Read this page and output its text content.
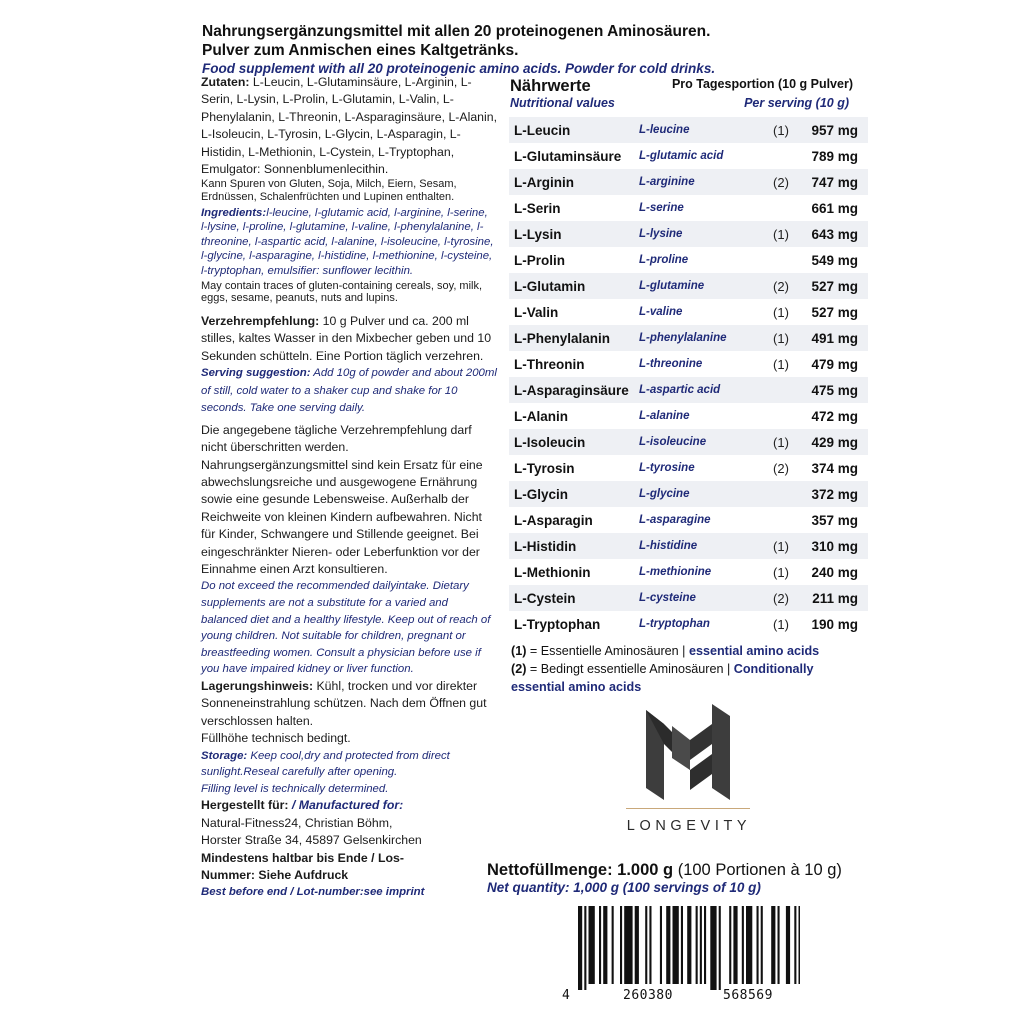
Nahrungsergänzungsmittel mit allen 20 proteinogenen Aminosäuren.
Pulver zum Anmischen eines Kaltgetränks.
Food supplement with all 20 proteinogenic amino acids. Powder for cold drinks.

Zutaten: L-Leucin, L-Glutaminsäure, L-Arginin, L-Serin, L-Lysin, L-Prolin, L-Glutamin, L-Valin, L-Phenylalanin, L-Threonin, L-Asparaginsäure, L-Alanin, L-Isoleucin, L-Tyrosin, L-Glycin, L-Asparagin, L-Histidin, L-Methionin, L-Cystein, L-Tryptophan, Emulgator: Sonnenblumenlecithin.

Kann Spuren von Gluten, Soja, Milch, Eiern, Sesam, Erdnüssen, Schalenfrüchten und Lupinen enthalten.

Ingredients:l-leucine, l-glutamic acid, l-arginine, l-serine, l-lysine, l-proline, l-glutamine, l-valine, l-phenylalanine, l-threonine, l-aspartic acid, l-alanine, l-isoleucine, l-tyrosine, l-glycine, l-asparagine, l-histidine, l-methionine, l-cysteine, l-tryptophan, emulsifier: sunflower lecithin.

May contain traces of gluten-containing cereals, soy, milk, eggs, sesame, peanuts, nuts and lupins.

Verzehrempfehlung: 10 g Pulver und ca. 200 ml stilles, kaltes Wasser in den Mixbecher geben und 10 Sekunden schütteln. Eine Portion täglich verzehren.

Serving suggestion: Add 10g of powder and about 200ml of still, cold water to a shaker cup and shake for 10 seconds. Take one serving daily.

Die angegebene tägliche Verzehrempfehlung darf nicht überschritten werden. Nahrungsergänzungsmittel sind kein Ersatz für eine abwechslungsreiche und ausgewogene Ernährung sowie eine gesunde Lebensweise. Außerhalb der Reichweite von kleinen Kindern aufbewahren. Nicht für Kinder, Schwangere und Stillende geeignet. Bei eingeschränkter Nieren- oder Leberfunktion vor der Einnahme einen Arzt konsultieren.

Do not exceed the recommended dailyintake. Dietary supplements are not a substitute for a varied and balanced diet and a healthy lifestyle. Keep out of reach of young children. Not suitable for children, pregnant or breastfeeding women. Consult a physician before use if you have impaired kidney or liver function.

Lagerungshinweis: Kühl, trocken und vor direkter Sonneneinstrahlung schützen. Nach dem Öffnen gut verschlossen halten.

Füllhöhe technisch bedingt.

Storage: Keep cool,dry and protected from direct sunlight.Reseal carefully after opening.

Filling level is technically determined.

Hergestellt für: / Manufactured for:

Natural-Fitness24, Christian Böhm,

Horster Straße 34, 45897 Gelsenkirchen

Mindestens haltbar bis Ende / Los-Nummer: Siehe Aufdruck

Best before end / Lot-number:see imprint

Nährwerte
Nutritional values
Pro Tagesportion (10 g Pulver)
Per serving (10 g)
L-Leucin	L-leucine	(1)	957 mg
L-Glutaminsäure	L-glutamic acid		789 mg
L-Arginin	L-arginine	(2)	747 mg
L-Serin	L-serine		661 mg
L-Lysin	L-lysine	(1)	643 mg
L-Prolin	L-proline		549 mg
L-Glutamin	L-glutamine	(2)	527 mg
L-Valin	L-valine	(1)	527 mg
L-Phenylalanin	L-phenylalanine	(1)	491 mg
L-Threonin	L-threonine	(1)	479 mg
L-Asparaginsäure	L-aspartic acid		475 mg
L-Alanin	L-alanine		472 mg
L-Isoleucin	L-isoleucine	(1)	429 mg
L-Tyrosin	L-tyrosine	(2)	374 mg
L-Glycin	L-glycine		372 mg
L-Asparagin	L-asparagine		357 mg
L-Histidin	L-histidine	(1)	310 mg
L-Methionin	L-methionine	(1)	240 mg
L-Cystein	L-cysteine	(2)	211 mg
L-Tryptophan	L-tryptophan	(1)	190 mg
(1) = Essentielle Aminosäuren | essential amino acids
(2) = Bedingt essentielle Aminosäuren | Conditionally essential amino acids
LONGEVITY
Nettofüllmenge: 1.000 g (100 Portionen à 10 g)
Net quantity: 1,000 g (100 servings of 10 g)
4	260380	568569
